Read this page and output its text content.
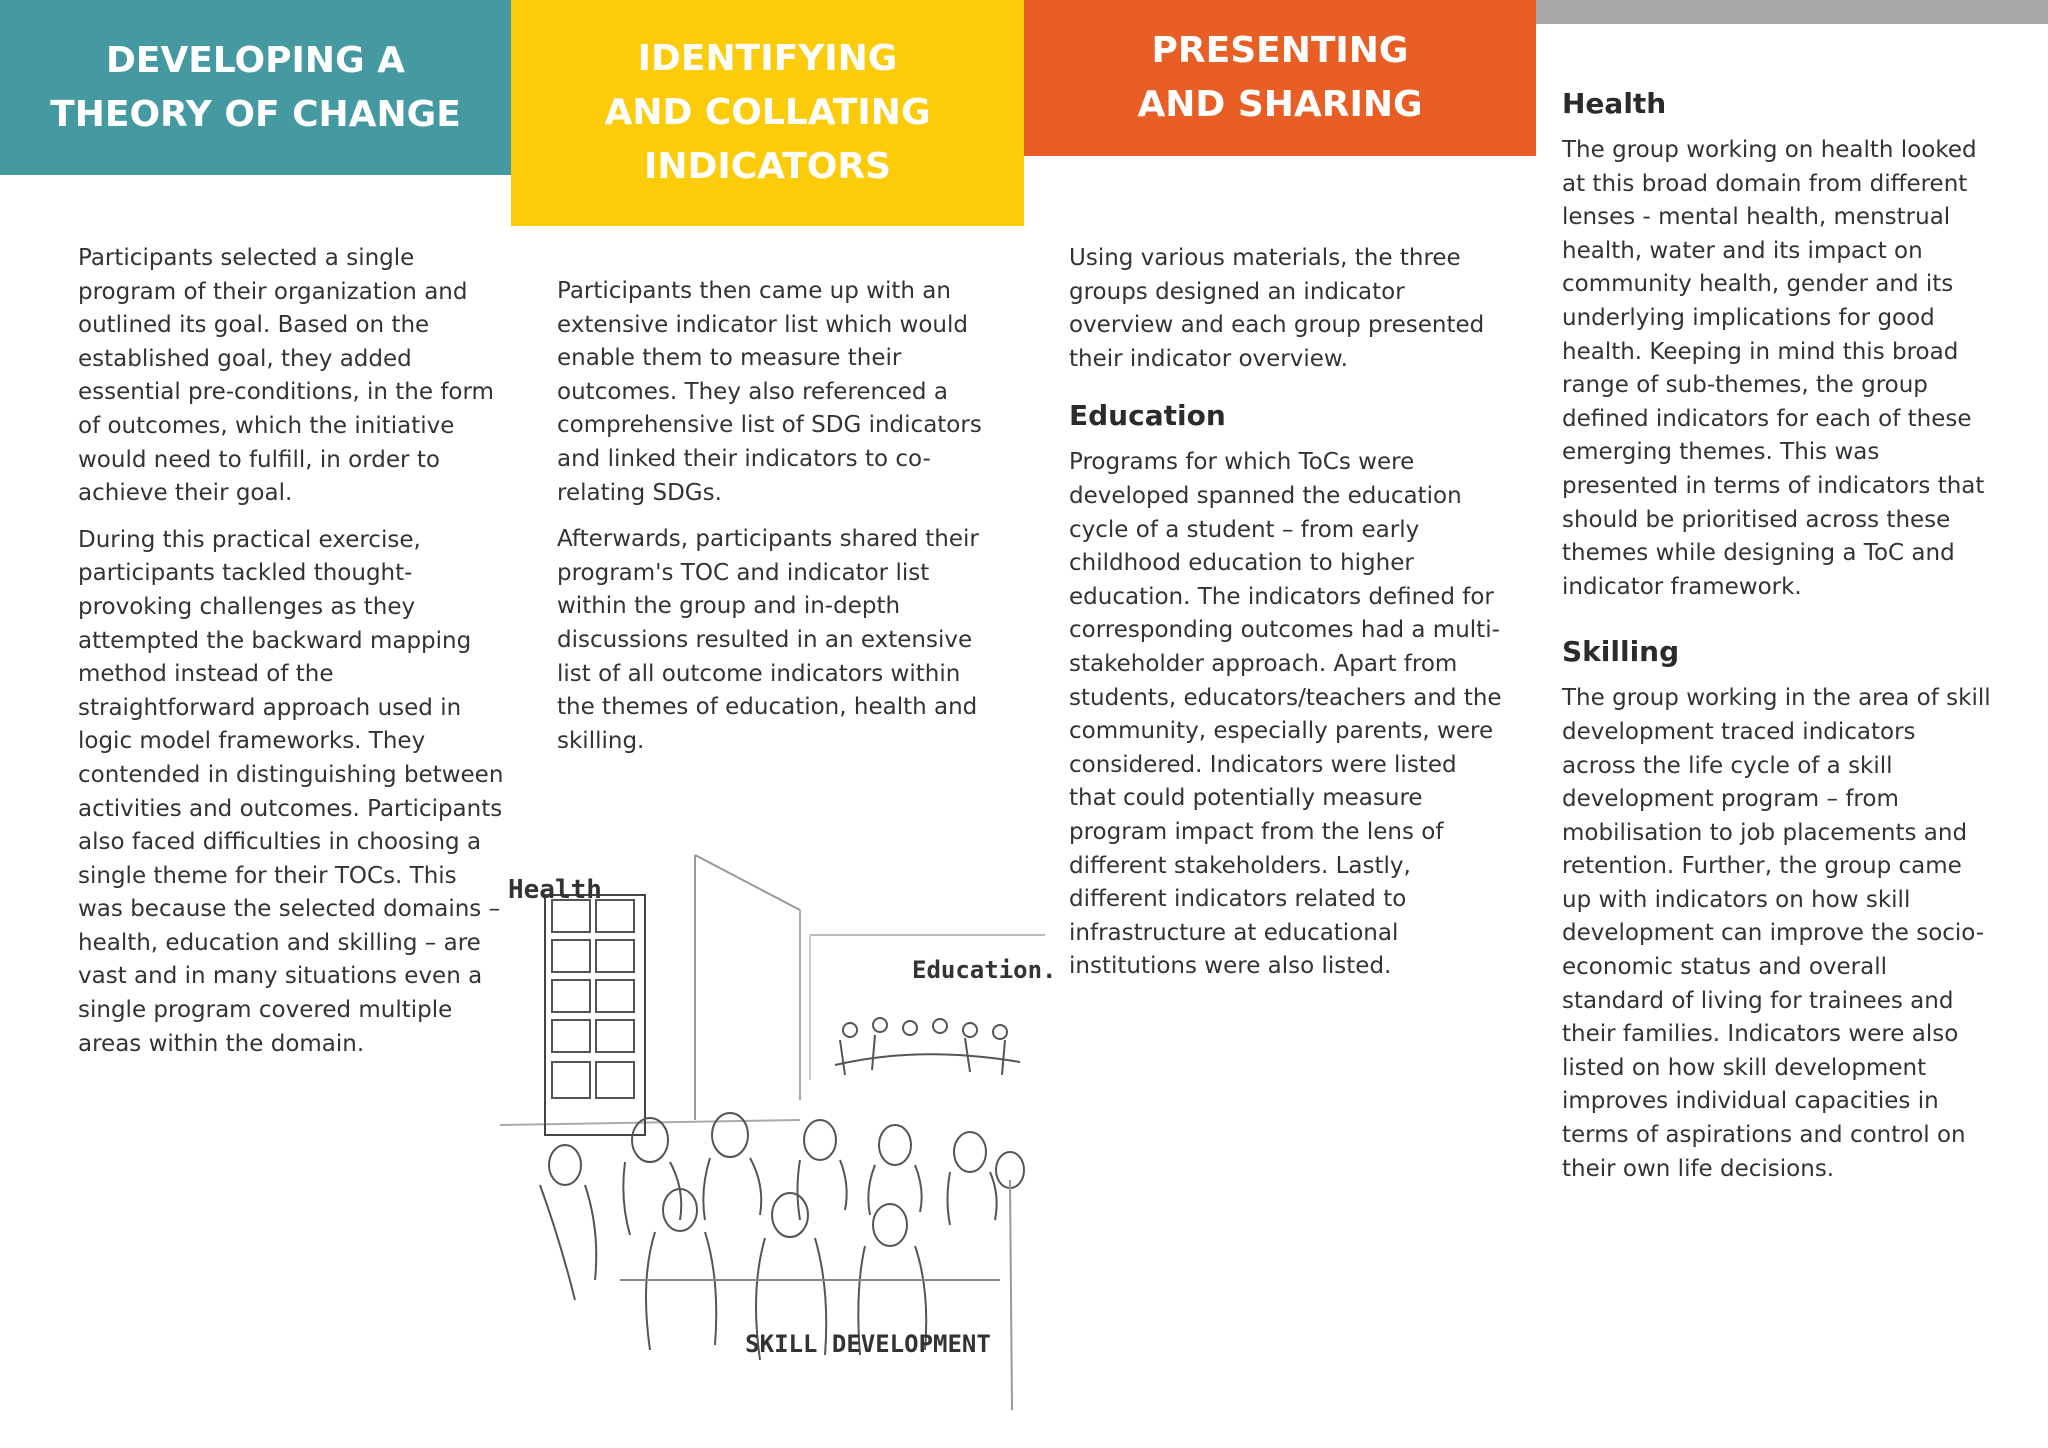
DEVELOPING A
THEORY OF CHANGE
IDENTIFYING
AND COLLATING
INDICATORS
PRESENTING
AND SHARING

Participants selected a single program of their organization and outlined its goal. Based on the established goal, they added essential pre-conditions, in the form of outcomes, which the initiative would need to fulfill, in order to achieve their goal.

During this practical exercise, participants tackled thought-provoking challenges as they attempted the backward mapping method instead of the straightforward approach used in logic model frameworks. They contended in distinguishing between activities and outcomes. Participants also faced difficulties in choosing a single theme for their TOCs. This was because the selected domains – health, education and skilling – are vast and in many situations even a single program covered multiple areas within the domain.

Participants then came up with an extensive indicator list which would enable them to measure their outcomes. They also referenced a comprehensive list of SDG indicators and linked their indicators to co-relating SDGs.

Afterwards, participants shared their program's TOC and indicator list within the group and in-depth discussions resulted in an extensive list of all outcome indicators within the themes of education, health and skilling.

Using various materials, the three groups designed an indicator overview and each group presented their indicator overview.

Education

Programs for which ToCs were developed spanned the education cycle of a student – from early childhood education to higher education. The indicators defined for corresponding outcomes had a multi-stakeholder approach. Apart from students, educators/teachers and the community, especially parents, were considered. Indicators were listed that could potentially measure program impact from the lens of different stakeholders. Lastly, different indicators related to infrastructure at educational institutions were also listed.

Health

The group working on health looked at this broad domain from different lenses - mental health, menstrual health, water and its impact on community health, gender and its underlying implications for good health. Keeping in mind this broad range of sub-themes, the group defined indicators for each of these emerging themes. This was presented in terms of indicators that should be prioritised across these themes while designing a ToC and indicator framework.

Skilling

The group working in the area of skill development traced indicators across the life cycle of a skill development program – from mobilisation to job placements and retention. Further, the group came up with indicators on how skill development can improve the socio-economic status and overall standard of living for trainees and their families. Indicators were also listed on how skill development improves individual capacities in terms of aspirations and control on their own life decisions.

Health
Education.
SKILL DEVELOPMENT
